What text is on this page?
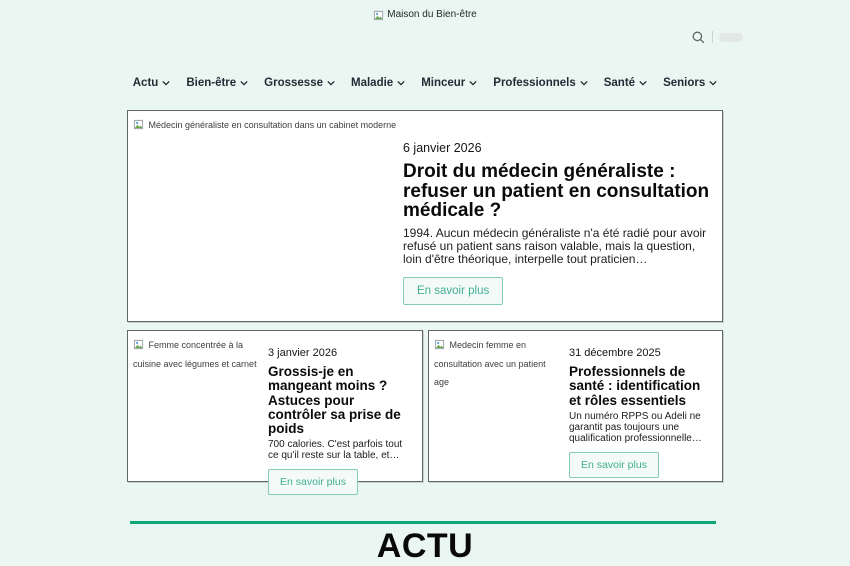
Maison du Bien-être
Actu Bien-être Grossesse Maladie Minceur Professionnels Santé Seniors
Médecin généraliste en consultation dans un cabinet moderne
6 janvier 2026
Droit du médecin généraliste : refuser un patient en consultation médicale ?

1994. Aucun médecin généraliste n'a été radié pour avoir refusé un patient sans raison valable, mais la question, loin d'être théorique, interpelle tout praticien…

En savoir plus
Femme concentrée à la cuisine avec légumes et carnet
3 janvier 2026
Grossis-je en mangeant moins ? Astuces pour contrôler sa prise de poids

700 calories. C'est parfois tout ce qu'il reste sur la table, et…

En savoir plus
Medecin femme en consultation avec un patient age
31 décembre 2025
Professionnels de santé : identification et rôles essentiels

Un numéro RPPS ou Adeli ne garantit pas toujours une qualification professionnelle…

En savoir plus
ACTU
